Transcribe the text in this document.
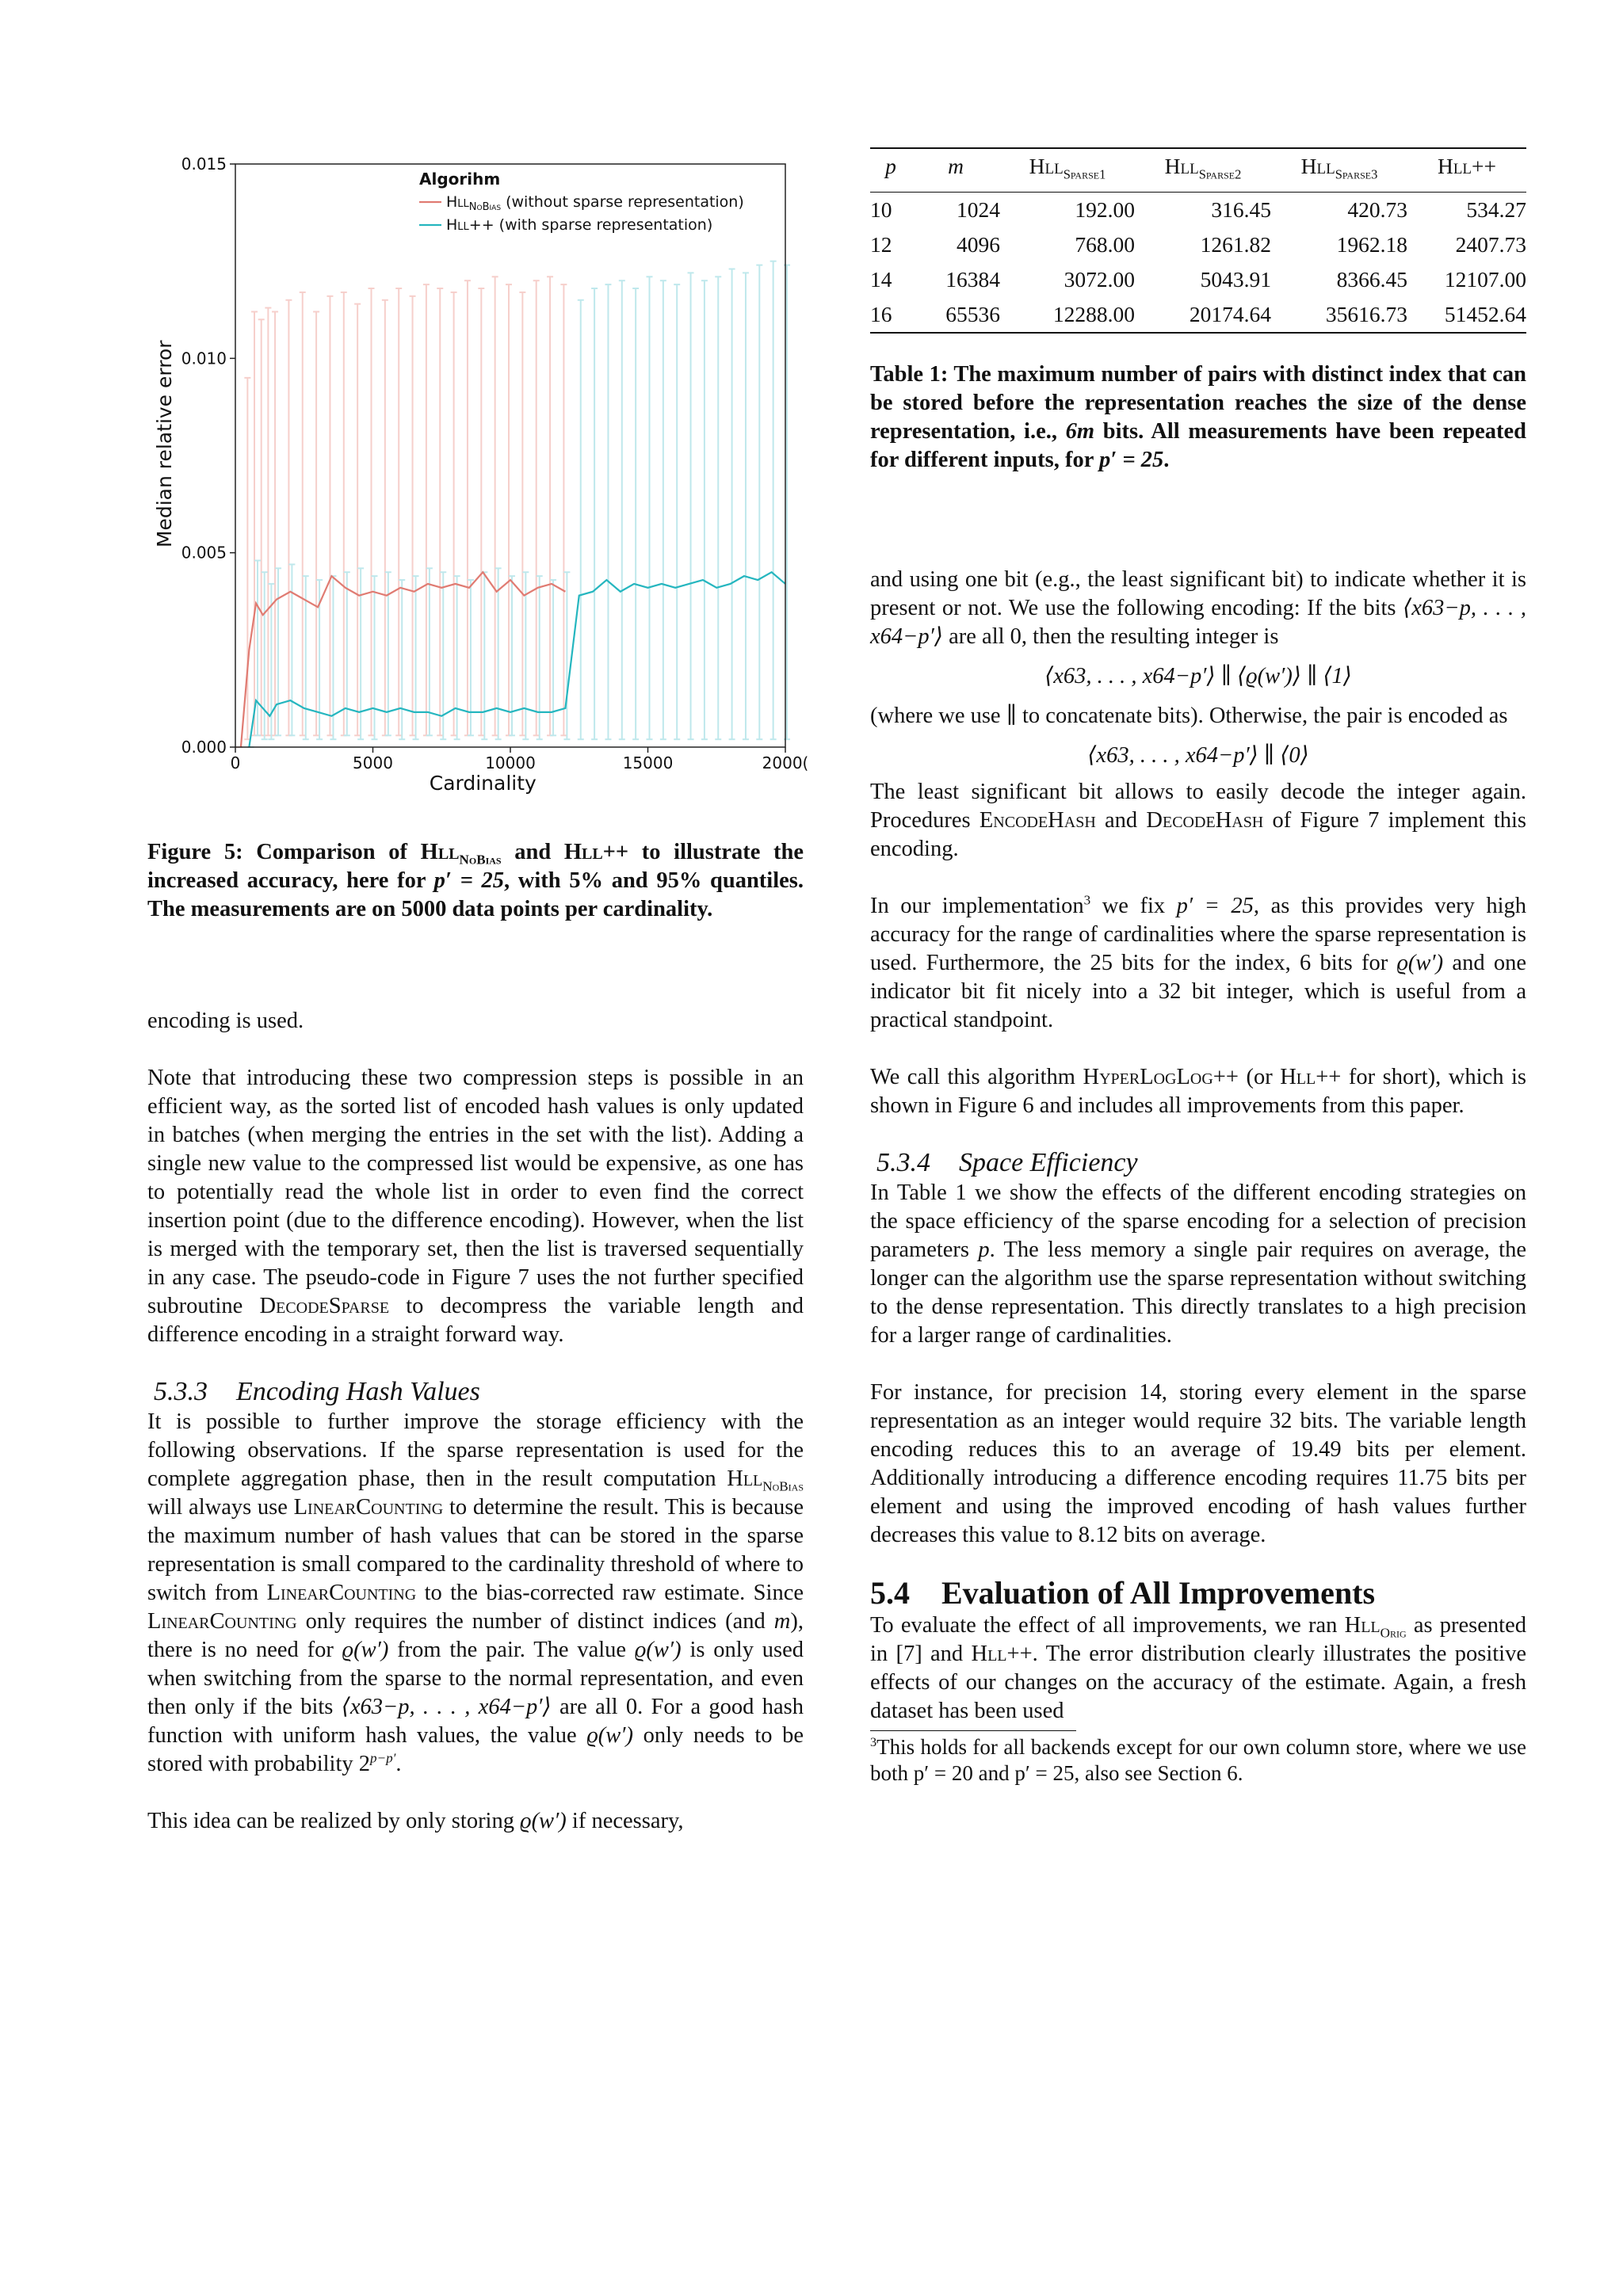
0	5000	10000	15000	2000(
0.000
0.005
0.010
0.015
Cardinality
Median relative error
Algorihm
Hll$_{NoBias}$ (without sparse representation)
Hll++ (with sparse representation)
Figure 5: Comparison of Hll$_{NoBias}$ and Hll++ to illustrate the increased accuracy, here for p′ = 25, with 5% and 95% quantiles. The measurements are on 5000 data points per cardinality.

encoding is used.

Note that introducing these two compression steps is possible in an efficient way, as the sorted list of encoded hash values is only updated in batches (when merging the entries in the set with the list). Adding a single new value to the compressed list would be expensive, as one has to potentially read the whole list in order to even find the correct insertion point (due to the difference encoding). However, when the list is merged with the temporary set, then the list is traversed sequentially in any case. The pseudo-code in Figure 7 uses the not further specified subroutine DecodeSparse to decompress the variable length and difference encoding in a straight forward way.

5.3.3 Encoding Hash Values

It is possible to further improve the storage efficiency with the following observations. If the sparse representation is used for the complete aggregation phase, then in the result computation Hll$_{NoBias}$ will always use LinearCounting to determine the result. This is because the maximum number of hash values that can be stored in the sparse representation is small compared to the cardinality threshold of where to switch from LinearCounting to the bias-corrected raw estimate. Since LinearCounting only requires the number of distinct indices (and m), there is no need for ϱ(w′) from the pair. The value ϱ(w′) is only used when switching from the sparse to the normal representation, and even then only if the bits ⟨x63−p, . . . , x64−p′⟩ are all 0. For a good hash function with uniform hash values, the value ϱ(w′) only needs to be stored with probability $2^{p-p'}$.

This idea can be realized by only storing ϱ(w′) if necessary,

p	m	Hll$_{Sparse1}$	Hll$_{Sparse2}$	Hll$_{Sparse3}$	Hll++
10	1024	192.00	316.45	420.73	534.27
12	4096	768.00	1261.82	1962.18	2407.73
14	16384	3072.00	5043.91	8366.45	12107.00
16	65536	12288.00	20174.64	35616.73	51452.64
Table 1: The maximum number of pairs with distinct index that can be stored before the representation reaches the size of the dense representation, i.e., 6m bits. All measurements have been repeated for different inputs, for p′ = 25.

and using one bit (e.g., the least significant bit) to indicate whether it is present or not. We use the following encoding: If the bits ⟨x63−p, . . . , x64−p′⟩ are all 0, then the resulting integer is

⟨x63, . . . , x64−p′⟩ ∥ ⟨ϱ(w′)⟩ ∥ ⟨1⟩

(where we use ∥ to concatenate bits). Otherwise, the pair is encoded as

⟨x63, . . . , x64−p′⟩ ∥ ⟨0⟩

The least significant bit allows to easily decode the integer again. Procedures EncodeHash and DecodeHash of Figure 7 implement this encoding.

In our implementation$^3$ we fix p′ = 25, as this provides very high accuracy for the range of cardinalities where the sparse representation is used. Furthermore, the 25 bits for the index, 6 bits for ϱ(w′) and one indicator bit fit nicely into a 32 bit integer, which is useful from a practical standpoint.

We call this algorithm HyperLogLog++ (or Hll++ for short), which is shown in Figure 6 and includes all improvements from this paper.

5.3.4 Space Efficiency

In Table 1 we show the effects of the different encoding strategies on the space efficiency of the sparse encoding for a selection of precision parameters p. The less memory a single pair requires on average, the longer can the algorithm use the sparse representation without switching to the dense representation. This directly translates to a high precision for a larger range of cardinalities.

For instance, for precision 14, storing every element in the sparse representation as an integer would require 32 bits. The variable length encoding reduces this to an average of 19.49 bits per element. Additionally introducing a difference encoding requires 11.75 bits per element and using the improved encoding of hash values further decreases this value to 8.12 bits on average.

5.4 Evaluation of All Improvements

To evaluate the effect of all improvements, we ran Hll$_{Orig}$ as presented in [7] and Hll++. The error distribution clearly illustrates the positive effects of our changes on the accuracy of the estimate. Again, a fresh dataset has been used

$^3$This holds for all backends except for our own column store, where we use both p′ = 20 and p′ = 25, also see Section 6.
